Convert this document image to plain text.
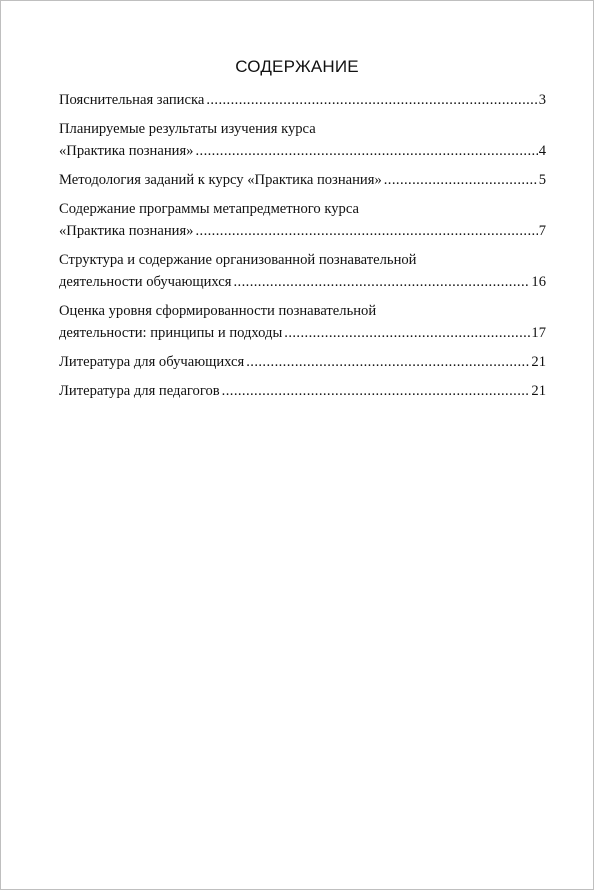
СОДЕРЖАНИЕ
Пояснительная записка .....	3
Планируемые результаты изучения курса
«Практика познания» .....	4
Методология заданий к курсу «Практика познания» .....	5
Содержание программы метапредметного курса
«Практика познания» .....	7
Структура и содержание организованной познавательной
деятельности обучающихся .....	16
Оценка уровня сформированности познавательной
деятельности: принципы и подходы .....	17
Литература для обучающихся .....	21
Литература для педагогов .....	21
